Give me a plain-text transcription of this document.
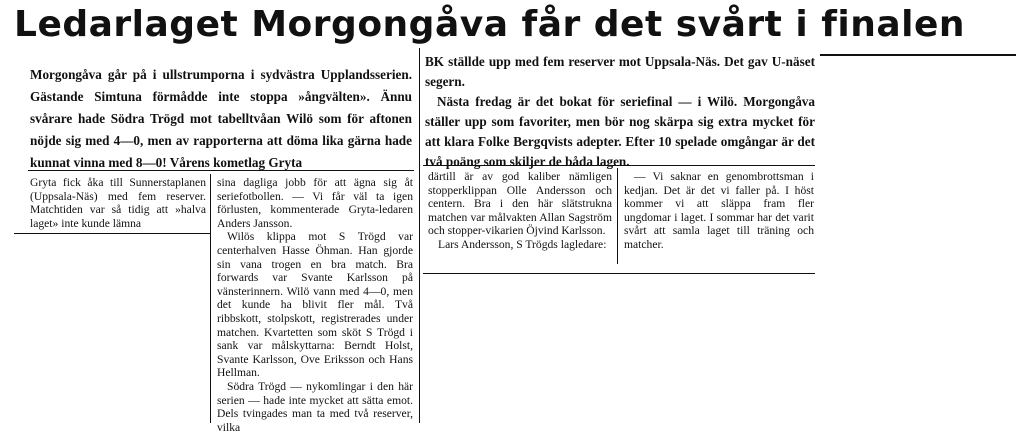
Ledarlaget Morgongåva får det svårt i finalen

Morgongåva går på i ullstrumporna i sydvästra Upplandsserien. Gästande Simtuna förmådde inte stoppa »ångvälten». Ännu svårare hade Södra Trögd mot tabelltvåan Wilö som för aftonen nöjde sig med 4—0, men av rapporterna att döma lika gärna hade kunnat vinna med 8—0! Vårens kometlag Gryta

BK ställde upp med fem reserver mot Uppsala-Näs. Det gav U-näset segern.

Nästa fredag är det bokat för seriefinal — i Wilö. Morgongåva ställer upp som favoriter, men bör nog skärpa sig extra mycket för att klara Folke Bergqvists adepter. Efter 10 spelade omgångar är det två poäng som skiljer de båda lagen.

Gryta fick åka till Sunnerstaplanen (Uppsala-Näs) med fem reserver. Matchtiden var så tidig att »halva laget» inte kunde lämna

sina dagliga jobb för att ägna sig åt seriefotbollen. — Vi får väl ta igen förlusten, kommenterade Gryta-ledaren Anders Jansson.

Wilös klippa mot S Trögd var centerhalven Hasse Öhman. Han gjorde sin vana trogen en bra match. Bra forwards var Svante Karlsson på vänsterinnern. Wilö vann med 4—0, men det kunde ha blivit fler mål. Två ribbskott, stolpskott, registrerades under matchen. Kvartetten som sköt S Trögd i sank var målskyttarna: Berndt Holst, Svante Karlsson, Ove Eriksson och Hans Hellman.

Södra Trögd — nykomlingar i den här serien — hade inte mycket att sätta emot. Dels tvingades man ta med två reserver, vilka

därtill är av god kaliber nämligen stopperklippan Olle Andersson och centern. Bra i den här slätstrukna matchen var målvakten Allan Sagström och stopper-vikarien Öjvind Karlsson.

Lars Andersson, S Trögds lagledare:

— Vi saknar en genombrottsman i kedjan. Det är det vi faller på. I höst kommer vi att släppa fram fler ungdomar i laget. I sommar har det varit svårt att samla laget till träning och matcher.
